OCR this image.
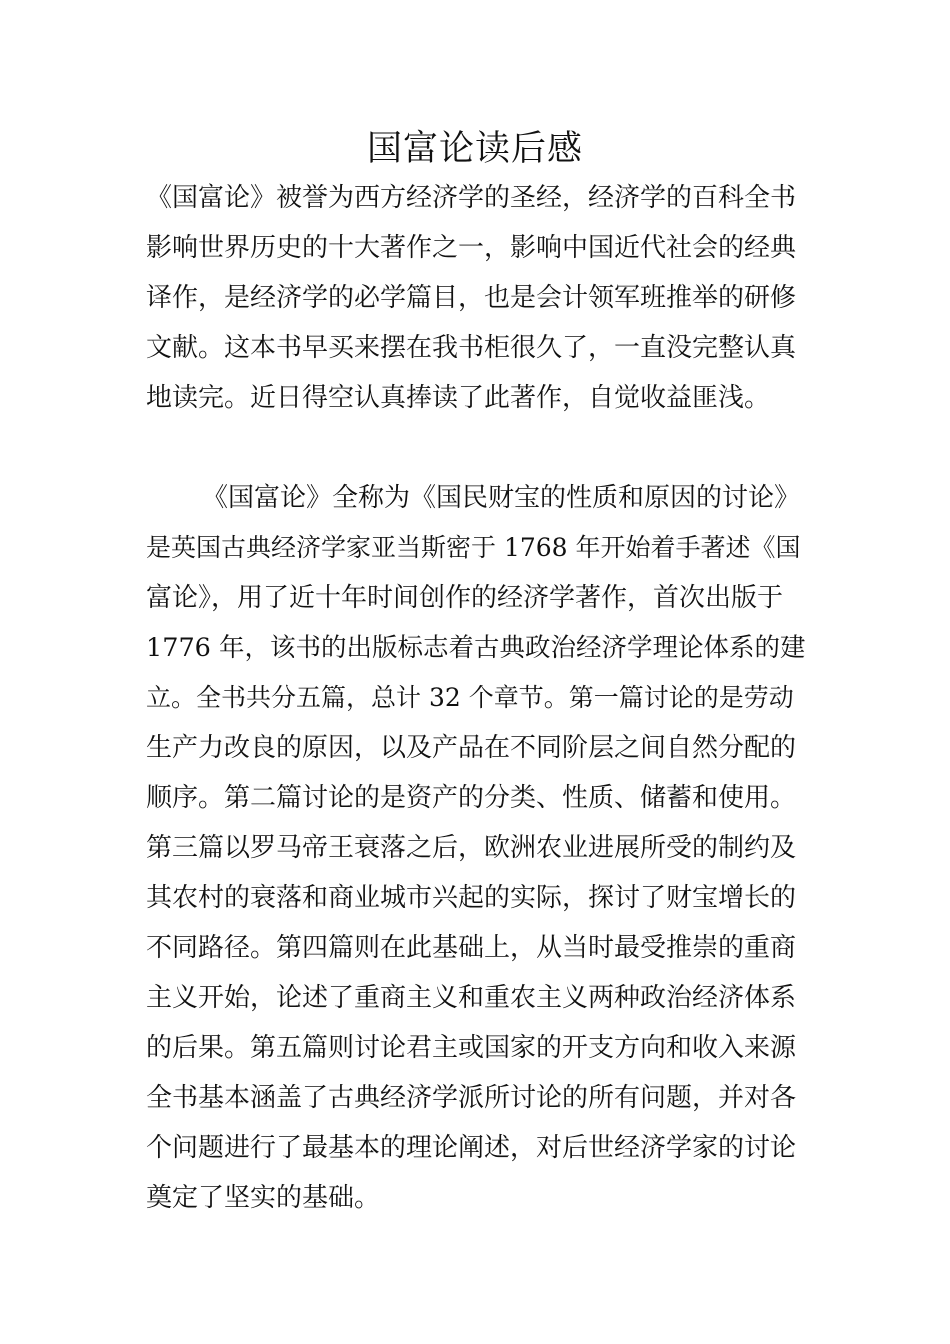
国富论读后感
《国富论》被誉为西方经济学的圣经，经济学的百科全书
影响世界历史的十大著作之一，影响中国近代社会的经典
译作，是经济学的必学篇目，也是会计领军班推举的研修
文献。这本书早买来摆在我书柜很久了，一直没完整认真
地读完。近日得空认真捧读了此著作，自觉收益匪浅。
《国富论》全称为《国民财宝的性质和原因的讨论》
是英国古典经济学家亚当斯密于 1768 年开始着手著述《国
富论》，用了近十年时间创作的经济学著作，首次出版于
1776 年，该书的出版标志着古典政治经济学理论体系的建
立。全书共分五篇，总计 32 个章节。第一篇讨论的是劳动
生产力改良的原因，以及产品在不同阶层之间自然分配的
顺序。第二篇讨论的是资产的分类、性质、储蓄和使用。
第三篇以罗马帝王衰落之后，欧洲农业进展所受的制约及
其农村的衰落和商业城市兴起的实际，探讨了财宝增长的
不同路径。第四篇则在此基础上，从当时最受推崇的重商
主义开始，论述了重商主义和重农主义两种政治经济体系
的后果。第五篇则讨论君主或国家的开支方向和收入来源
全书基本涵盖了古典经济学派所讨论的所有问题，并对各
个问题进行了最基本的理论阐述，对后世经济学家的讨论
奠定了坚实的基础。
